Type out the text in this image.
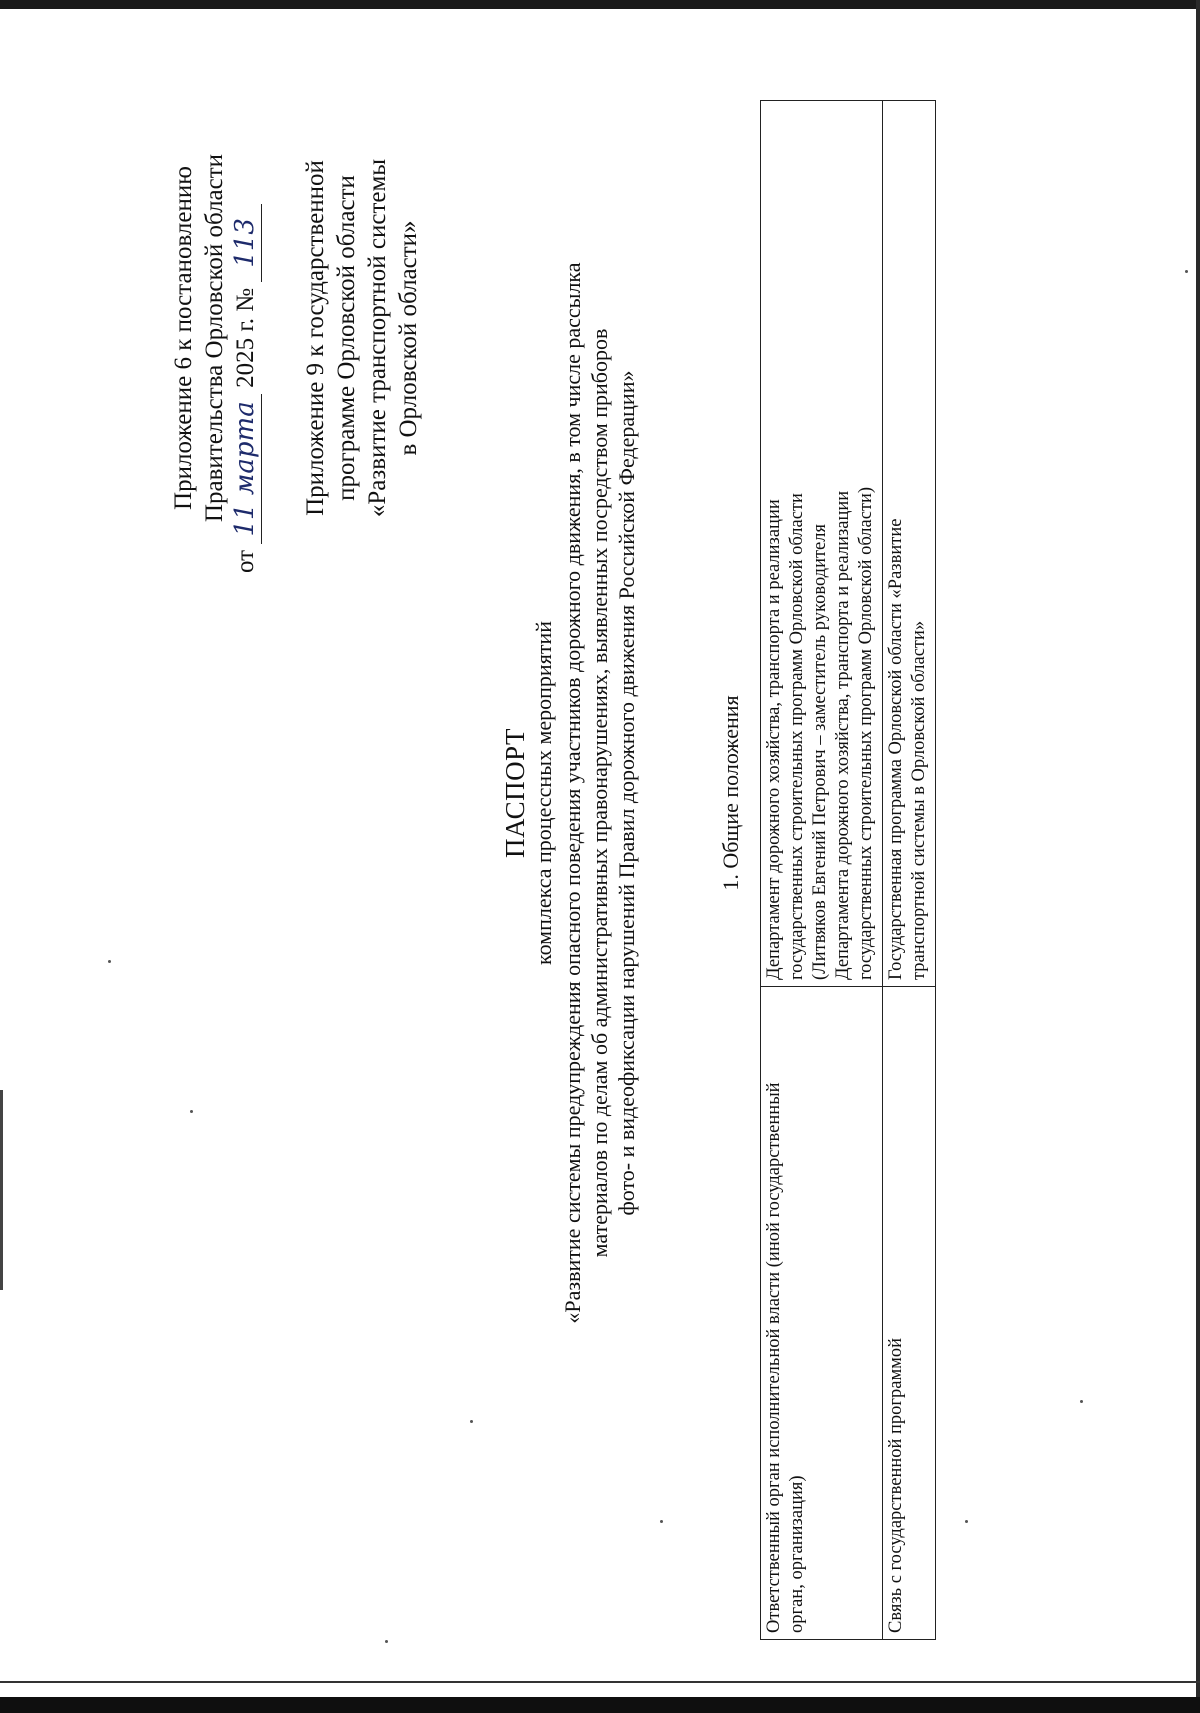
Приложение 6 к постановлению Правительства Орловской области
от
11 марта
2025 г. №
113 Приложение 9 к государственной программе Орловской области «Развитие транспортной системы в Орловской области»
ПАСПОРТ комплекса процессных мероприятий «Развитие системы предупреждения опасного поведения участников дорожного движения, в том числе рассылка материалов по делам об административных правонарушениях, выявленных посредством приборов фото- и видеофиксации нарушений Правил дорожного движения Российской Федерации»	1. Общие положения
Ответственный орган исполнительной власти (иной государственный орган, организация)	Департамент дорожного хозяйства, транспорта и реализации государственных строительных программ Орловской области (Литвяков Евгений Петрович – заместитель руководителя Департамента дорожного хозяйства, транспорта и реализации государственных строительных программ Орловской области)

Связь с государственной программой	Государственная программа Орловской области «Развитие транспортной системы в Орловской области»
